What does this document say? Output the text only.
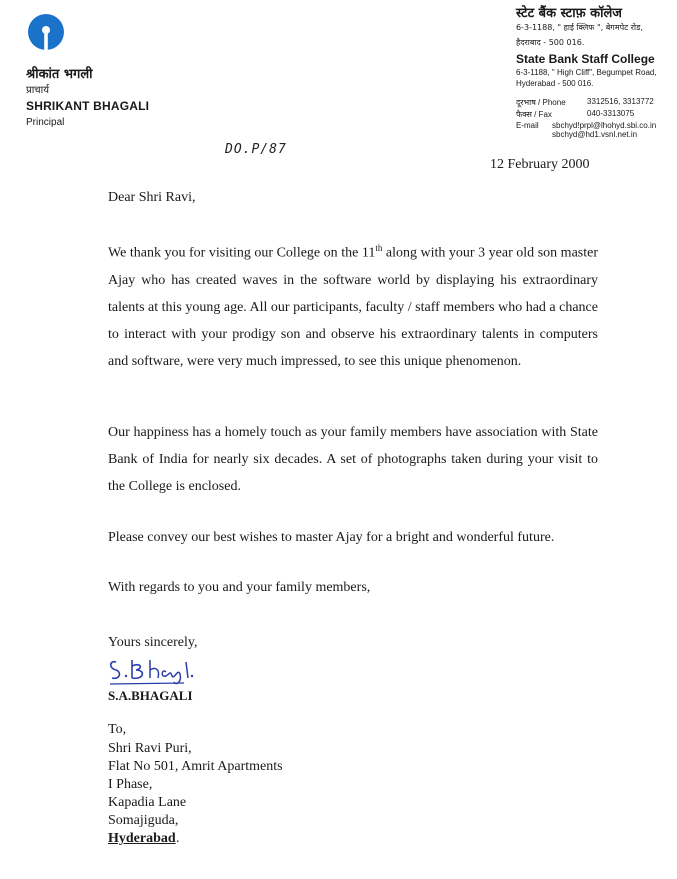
श्रीकांत भगली
प्राचार्य
SHRIKANT BHAGALI
Principal
स्टेट बैंक स्टाफ़ कॉलेज
6-3-1188, " हाई क्लिफ ", बेगमपेट रोड,
हैदराबाद - 500 016.
State Bank Staff College
6-3-1188, " High Cliff", Begumpet Road,
Hyderabad - 500 016.
दूरभाष / Phone	3312516, 3313772
फैक्स / Fax	040-3313075
E-mail sbchyd!prpl@lhohyd.sbi.co.in
sbchyd@hd1.vsnl.net.in
DO.P/87
12 February 2000
Dear Shri Ravi,

We thank you for visiting our College on the 11th along with your 3 year old son master Ajay who has created waves in the software world by displaying his extraordinary talents at this young age. All our participants, faculty / staff members who had a chance to interact with your prodigy son and observe his extraordinary talents in computers and software, were very much impressed, to see this unique phenomenon.

Our happiness has a homely touch as your family members have association with State Bank of India for nearly six decades. A set of photographs taken during your visit to the College is enclosed.

Please convey our best wishes to master Ajay for a bright and wonderful future.

With regards to you and your family members,
Yours sincerely,
S.A.BHAGALI
To,
Shri Ravi Puri,
Flat No 501, Amrit Apartments
I Phase,
Kapadia Lane
Somajiguda,
Hyderabad .
